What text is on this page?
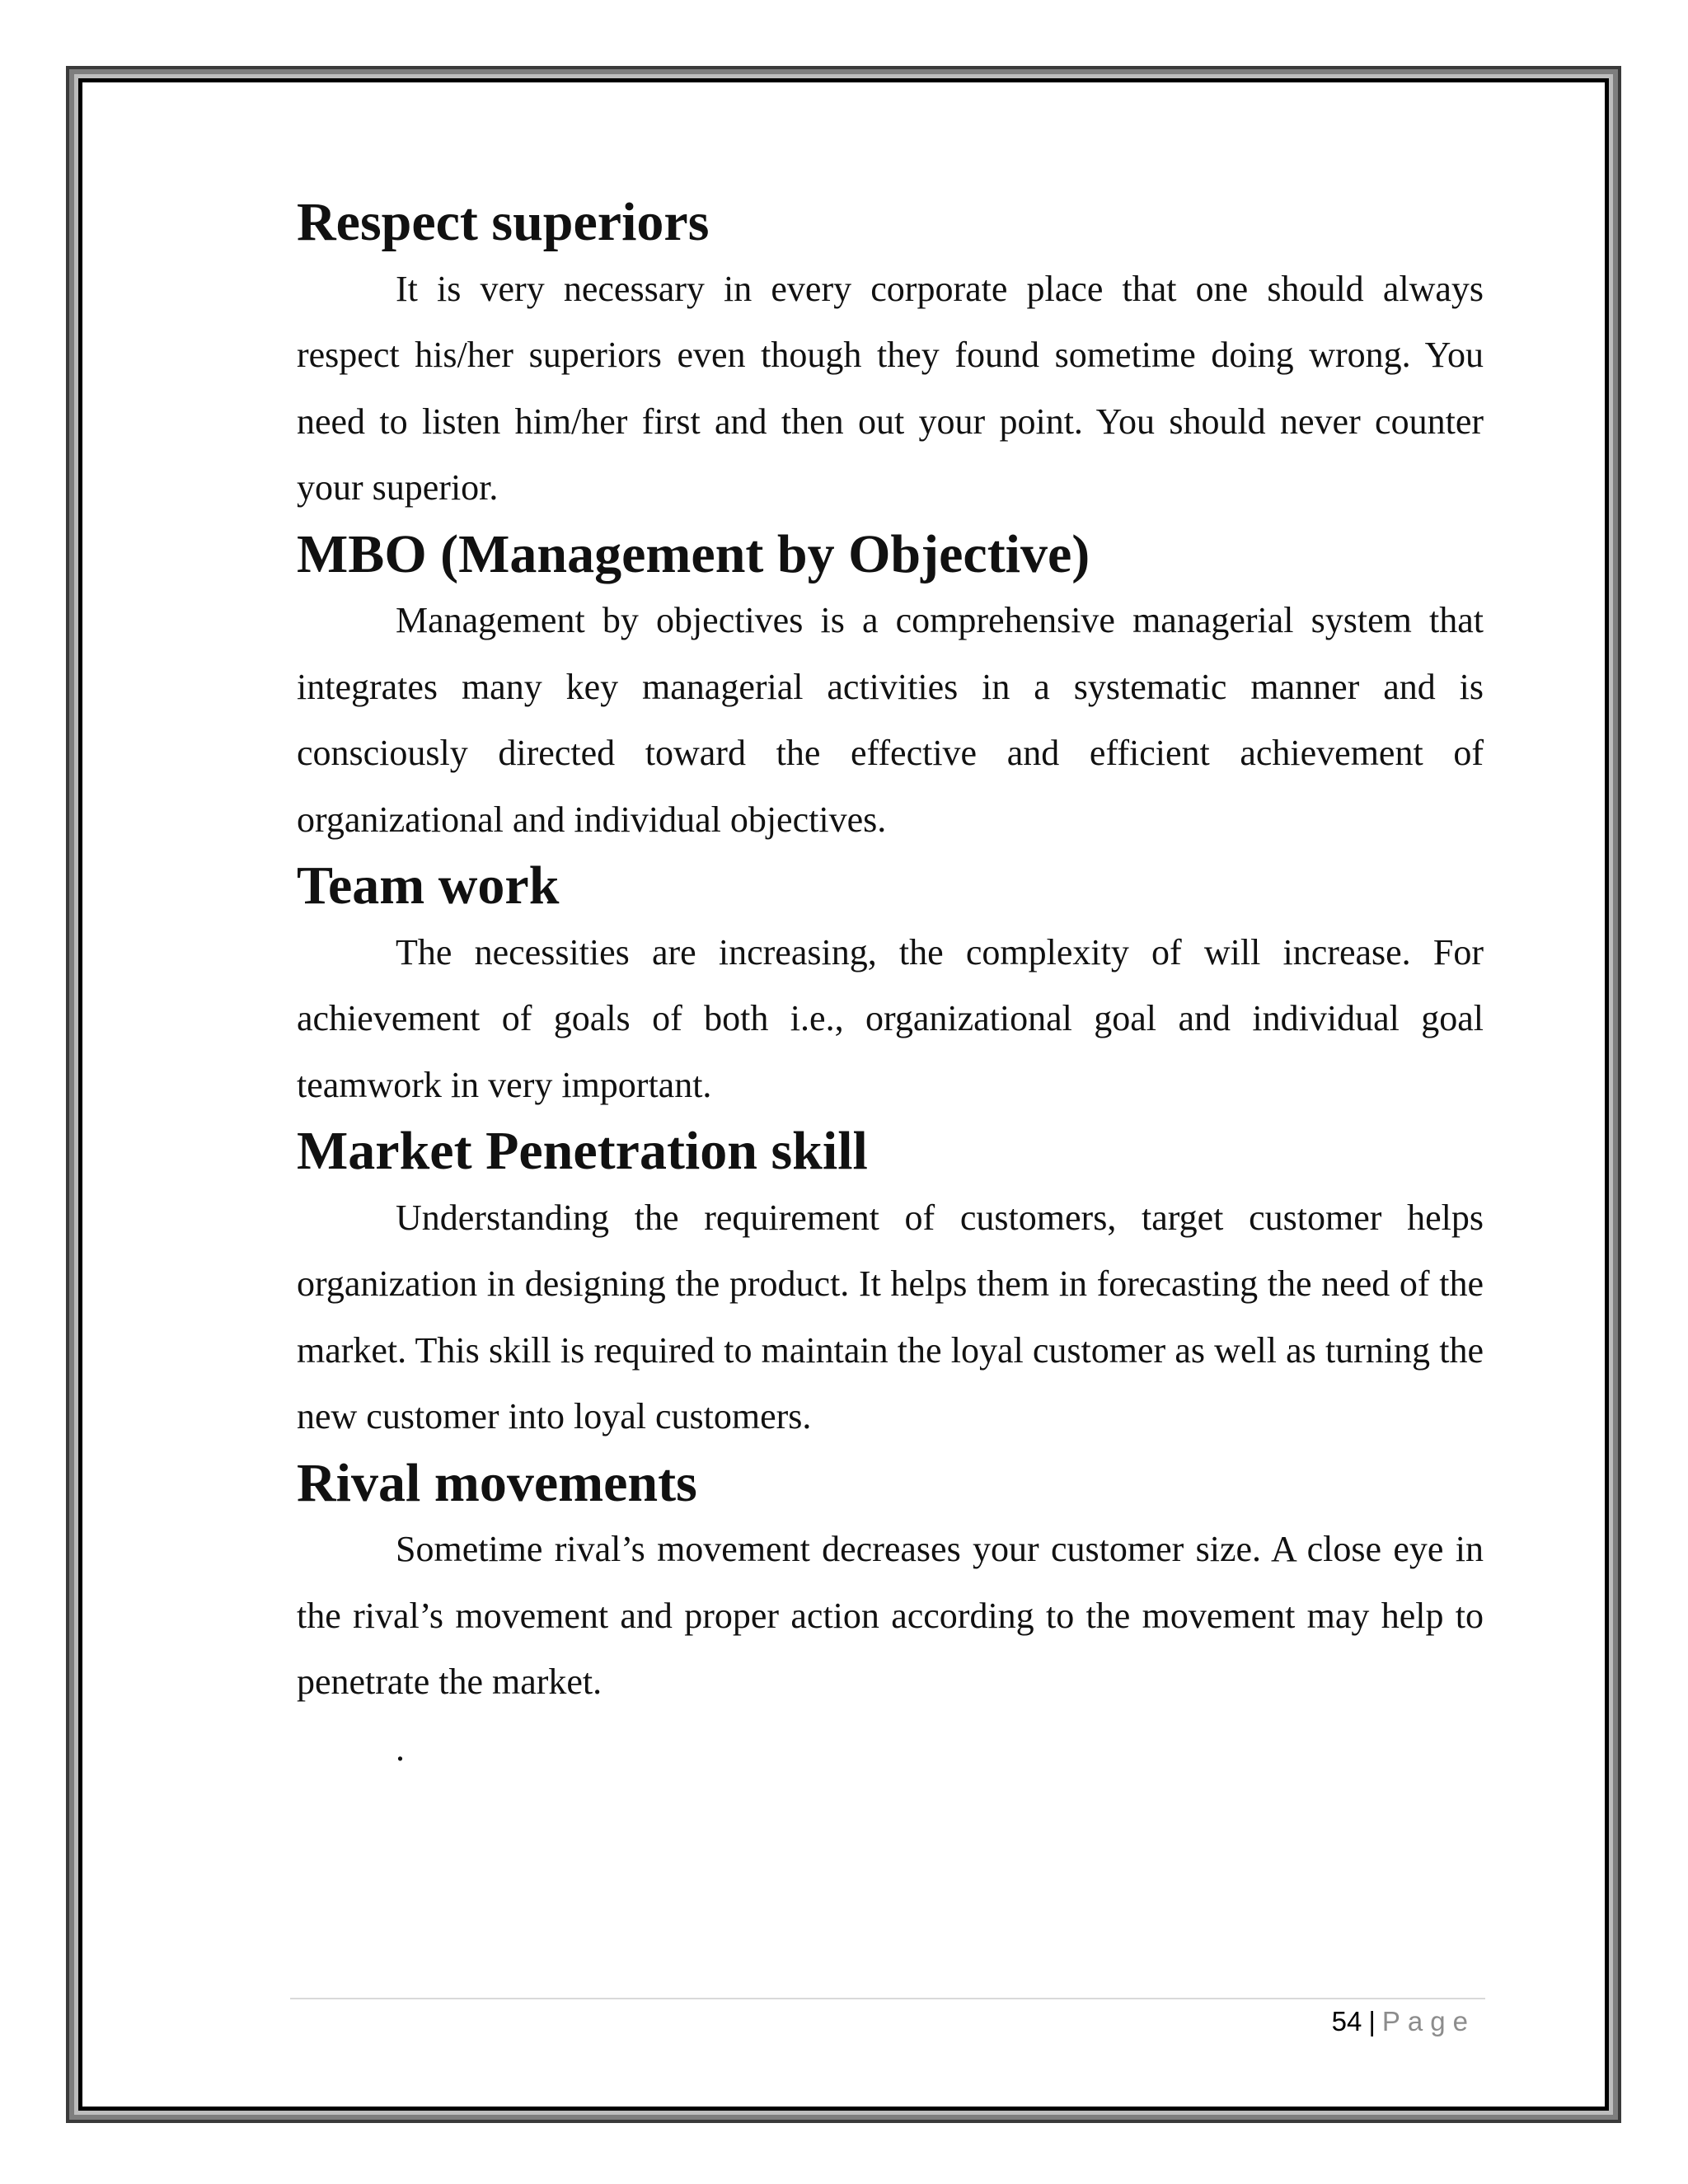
Respect superiors

It is very necessary in every corporate place that one should always respect his/her superiors even though they found sometime doing wrong. You need to listen him/her first and then out your point. You should never counter your superior.

MBO (Management by Objective)

Management by objectives is a comprehensive managerial system that integrates many key managerial activities in a systematic manner and is consciously directed toward the effective and efficient achievement of organizational and individual objectives.

Team work

The necessities are increasing, the complexity of will increase. For achievement of goals of both i.e., organizational goal and individual goal teamwork in very important.

Market Penetration skill

Understanding the requirement of customers, target customer helps organization in designing the product. It helps them in forecasting the need of the market. This skill is required to maintain the loyal customer as well as turning the new customer into loyal customers.

Rival movements

Sometime rival’s movement decreases your customer size. A close eye in the rival’s movement and proper action according to the movement may help to penetrate the market.

.

54 | Page
